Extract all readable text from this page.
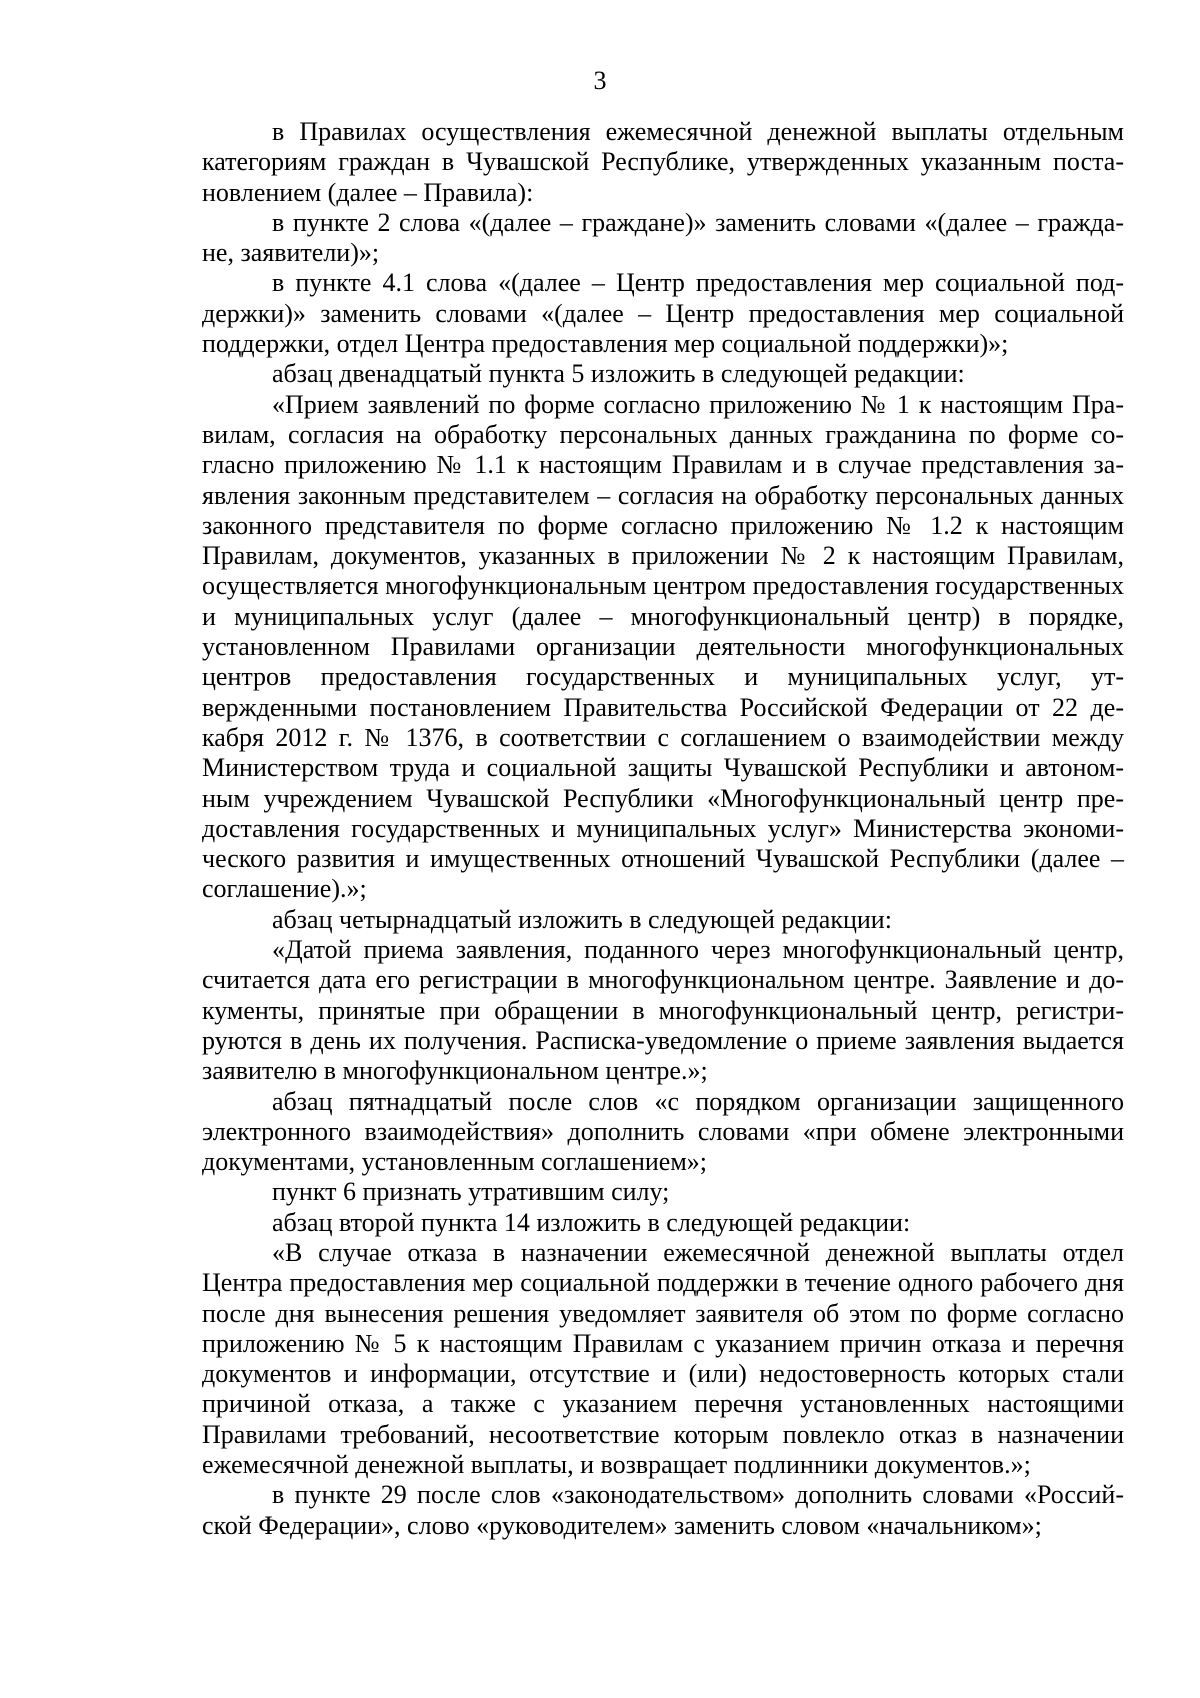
3

в Правилах осуществления ежемесячной денежной выплаты отдельным категориям граждан в Чувашской Республике, утвержденных указанным постановлением (далее – Правила):

в пункте 2 слова «(далее – граждане)» заменить словами «(далее – граждане, заявители)»;

в пункте 4.1 слова «(далее – Центр предоставления мер социальной поддержки)» заменить словами «(далее – Центр предоставления мер социальной поддержки, отдел Центра предоставления мер социальной поддержки)»;

абзац двенадцатый пункта 5 изложить в следующей редакции:

«Прием заявлений по форме согласно приложению № 1 к настоящим Правилам, согласия на обработку персональных данных гражданина по форме согласно приложению № 1.1 к настоящим Правилам и в случае представления заявления законным представителем – согласия на обработку персональных данных законного представителя по форме согласно приложению № 1.2 к настоящим Правилам, документов, указанных в приложении № 2 к настоящим Правилам, осуществляется многофункциональным центром предоставления государственных и муниципальных услуг (далее – многофункциональный центр) в порядке, установленном Правилами организации деятельности многофункциональных центров предоставления государственных и муниципальных услуг, утвержденными постановлением Правительства Российской Федерации от 22 декабря 2012 г. № 1376, в соответствии с соглашением о взаимодействии между Министерством труда и социальной защиты Чувашской Республики и автономным учреждением Чувашской Республики «Многофункциональный центр предоставления государственных и муниципальных услуг» Министерства экономического развития и имущественных отношений Чувашской Республики (далее – соглашение).»;

абзац четырнадцатый изложить в следующей редакции:

«Датой приема заявления, поданного через многофункциональный центр, считается дата его регистрации в многофункциональном центре. Заявление и документы, принятые при обращении в многофункциональный центр, регистрируются в день их получения. Расписка-уведомление о приеме заявления выдается заявителю в многофункциональном центре.»;

абзац пятнадцатый после слов «с порядком организации защищенного электронного взаимодействия» дополнить словами «при обмене электронными документами, установленным соглашением»;

пункт 6 признать утратившим силу;

абзац второй пункта 14 изложить в следующей редакции:

«В случае отказа в назначении ежемесячной денежной выплаты отдел Центра предоставления мер социальной поддержки в течение одного рабочего дня после дня вынесения решения уведомляет заявителя об этом по форме согласно приложению № 5 к настоящим Правилам с указанием причин отказа и перечня документов и информации, отсутствие и (или) недостоверность которых стали причиной отказа, а также с указанием перечня установленных настоящими Правилами требований, несоответствие которым повлекло отказ в назначении ежемесячной денежной выплаты, и возвращает подлинники документов.»;

в пункте 29 после слов «законодательством» дополнить словами «Российской Федерации», слово «руководителем» заменить словом «начальником»;
